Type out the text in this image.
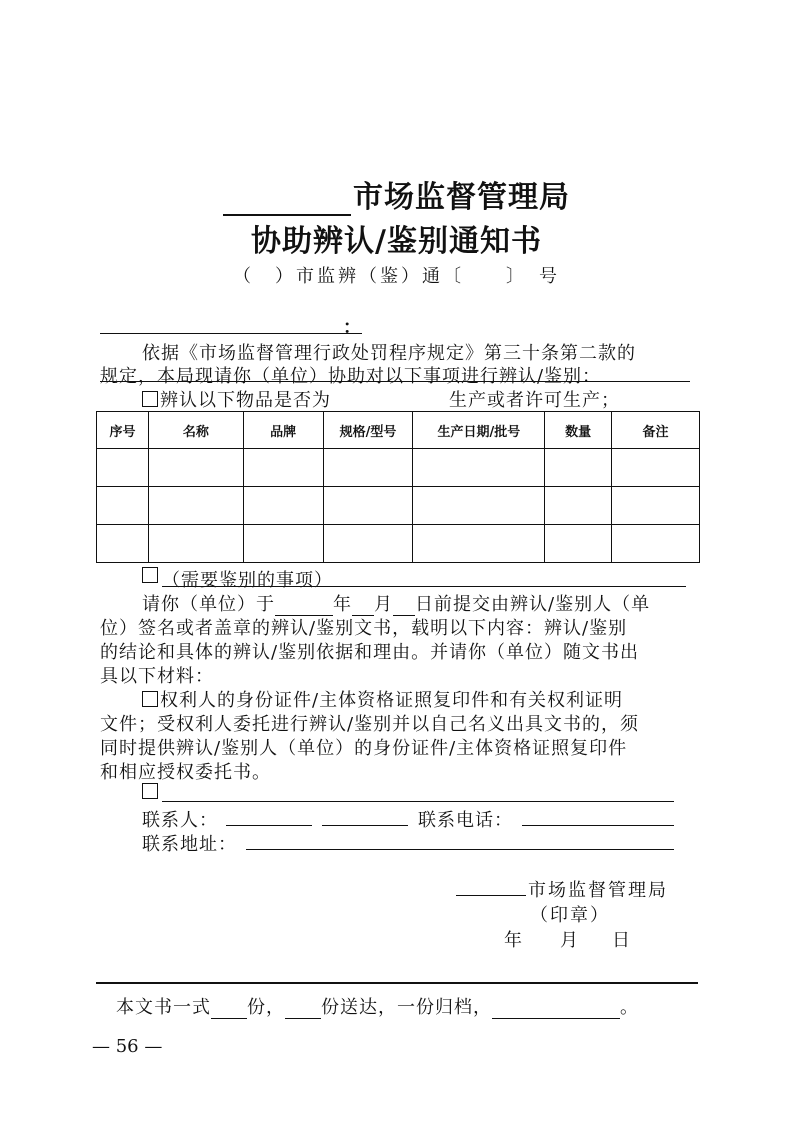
市场监督管理局
协助辨认/鉴别通知书
（　）市监辨（鉴）通〔　　〕　号
：
依据《市场监督管理行政处罚程序规定》第三十条第二款的
规定，本局现请你（单位）协助对以下事项进行辨认/鉴别：
辨认以下物品是否为	生产或者许可生产；
序号	名称	品牌	规格/型号	生产日期/批号	数量	备注

（需要鉴别的事项）
请你（单位）于	年 月 日前提交由辨认/鉴别人（单
位）签名或者盖章的辨认/鉴别文书，载明以下内容：辨认/鉴别
的结论和具体的辨认/鉴别依据和理由。并请你（单位）随文书出
具以下材料：
权利人的身份证件/主体资格证照复印件和有关权利证明
文件；受权利人委托进行辨认/鉴别并以自己名义出具文书的，须
同时提供辨认/鉴别人（单位）的身份证件/主体资格证照复印件
和相应授权委托书。
联系人：	联系电话：
联系地址：
市场监督管理局
（印章）
年 月 日
本文书一式 份， 份送达，一份归档，	。
— 56 —
